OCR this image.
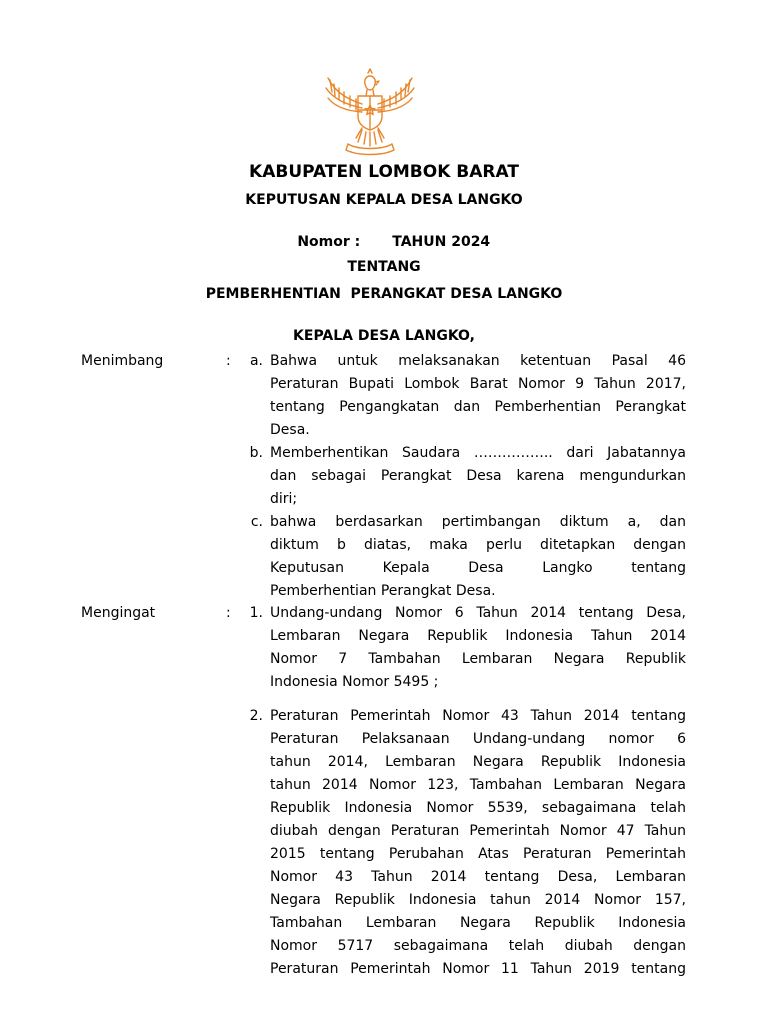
KABUPATEN LOMBOK BARAT
KEPUTUSAN KEPALA DESA LANGKO

Nomor : TAHUN 2024

TENTANG
PEMBERHENTIAN  PERANGKAT DESA LANGKO
KEPALA DESA LANGKO,
Menimbang	:	a. Bahwa untuk melaksanakan ketentuan Pasal 46
Peraturan Bupati Lombok Barat Nomor 9 Tahun 2017,
tentang Pengangkatan dan Pemberhentian Perangkat
Desa.
b. Memberhentikan Saudara …………….. dari Jabatannya
dan sebagai Perangkat Desa karena mengundurkan
diri;
c. bahwa berdasarkan pertimbangan diktum a, dan
diktum b diatas, maka perlu ditetapkan dengan
Keputusan Kepala Desa Langko tentang
Pemberhentian Perangkat Desa.
Mengingat	:	1. Undang-undang Nomor 6 Tahun 2014 tentang Desa,
Lembaran Negara Republik Indonesia Tahun 2014
Nomor 7 Tambahan Lembaran Negara Republik
Indonesia Nomor 5495 ;
2. Peraturan Pemerintah Nomor 43 Tahun 2014 tentang
Peraturan Pelaksanaan Undang-undang nomor 6
tahun 2014, Lembaran Negara Republik Indonesia
tahun 2014 Nomor 123, Tambahan Lembaran Negara
Republik Indonesia Nomor 5539, sebagaimana telah
diubah dengan Peraturan Pemerintah Nomor 47 Tahun
2015 tentang Perubahan Atas Peraturan Pemerintah
Nomor 43 Tahun 2014 tentang Desa, Lembaran
Negara Republik Indonesia tahun 2014 Nomor 157,
Tambahan Lembaran Negara Republik Indonesia
Nomor 5717 sebagaimana telah diubah dengan
Peraturan Pemerintah Nomor 11 Tahun 2019 tentang
